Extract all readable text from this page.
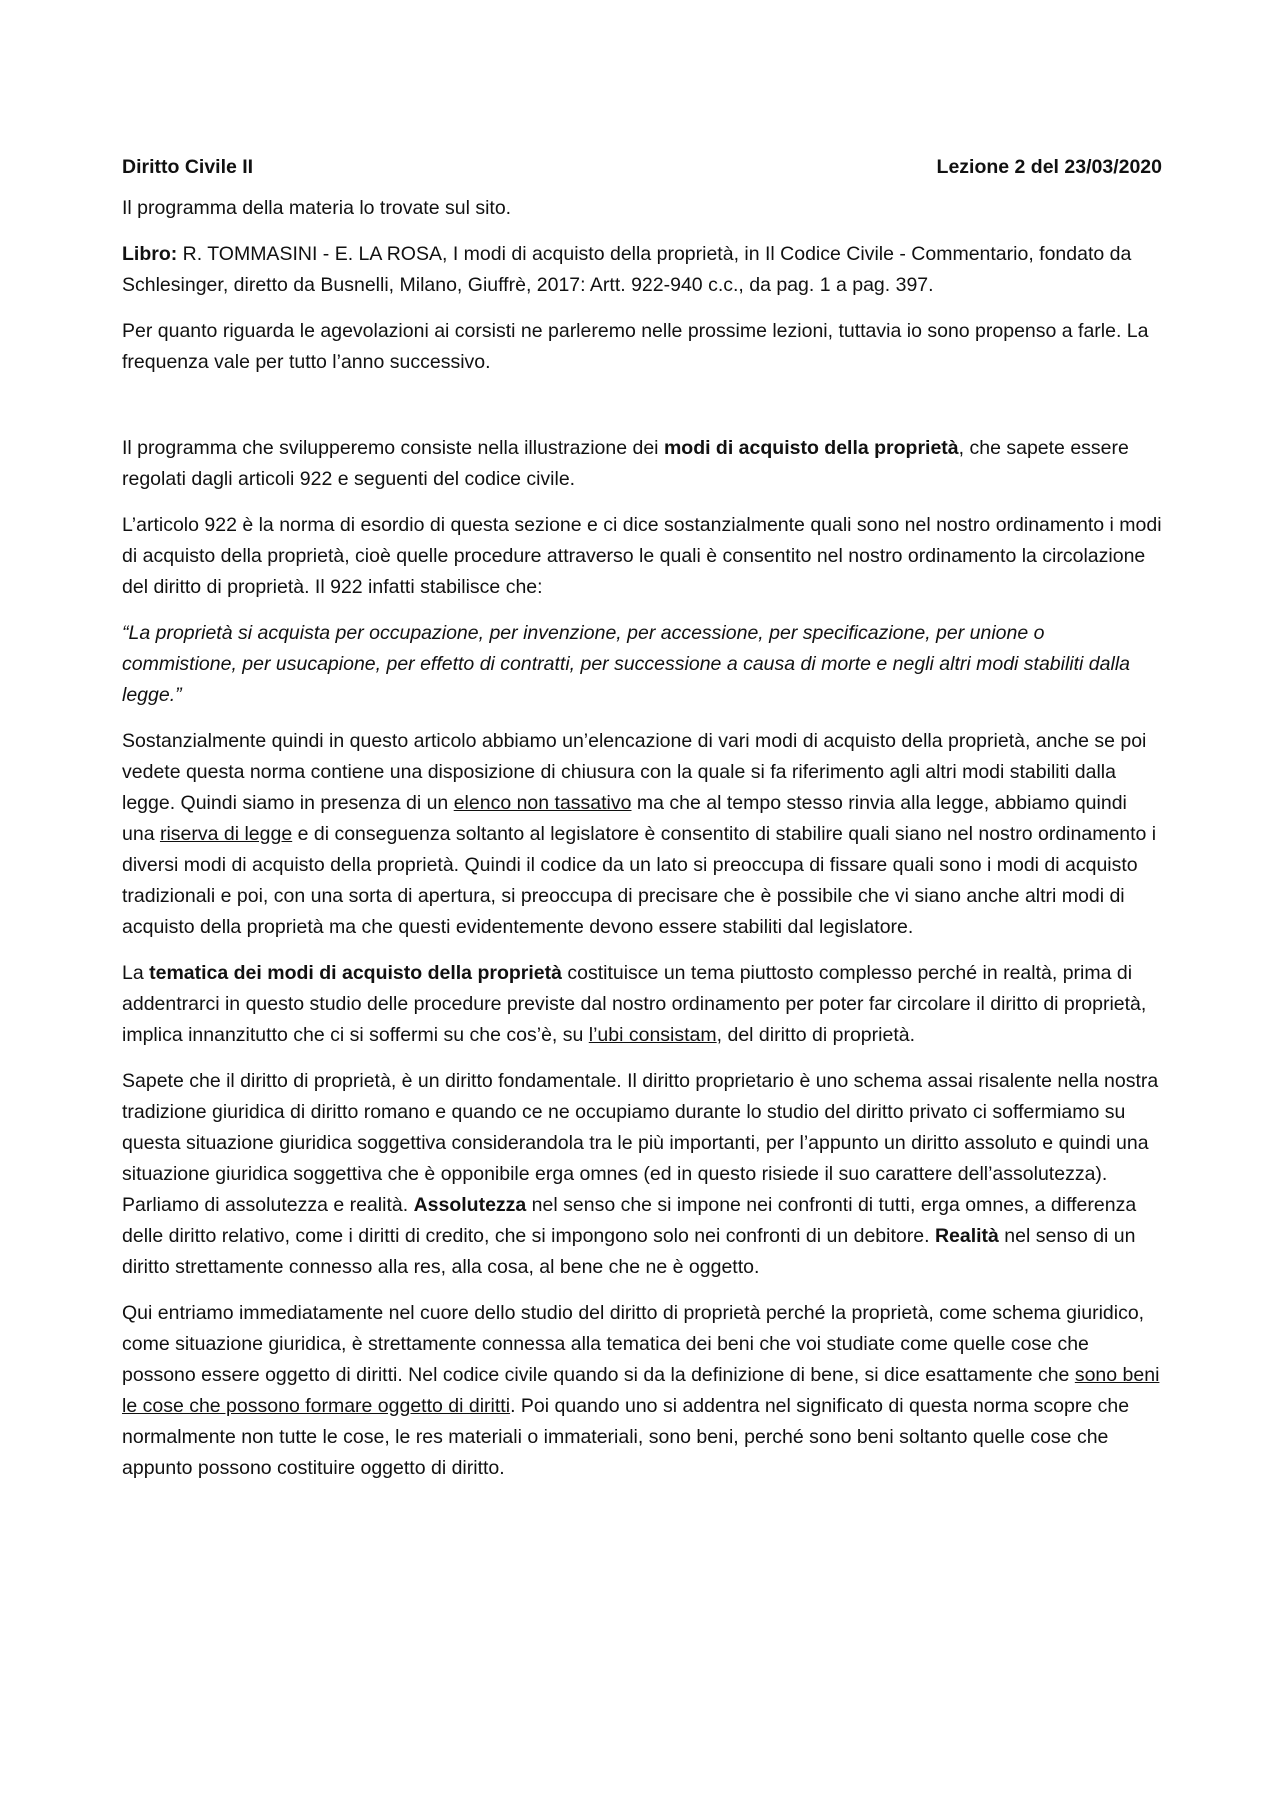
Diritto Civile II	Lezione 2 del 23/03/2020

Il programma della materia lo trovate sul sito.

Libro: R. TOMMASINI - E. LA ROSA, I modi di acquisto della proprietà, in Il Codice Civile - Commentario, fondato da Schlesinger, diretto da Busnelli, Milano, Giuffrè, 2017: Artt. 922-940 c.c., da pag. 1 a pag. 397.

Per quanto riguarda le agevolazioni ai corsisti ne parleremo nelle prossime lezioni, tuttavia io sono propenso a farle. La frequenza vale per tutto l’anno successivo.

Il programma che svilupperemo consiste nella illustrazione dei modi di acquisto della proprietà, che sapete essere regolati dagli articoli 922 e seguenti del codice civile.

L’articolo 922 è la norma di esordio di questa sezione e ci dice sostanzialmente quali sono nel nostro ordinamento i modi di acquisto della proprietà, cioè quelle procedure attraverso le quali è consentito nel nostro ordinamento la circolazione del diritto di proprietà. Il 922 infatti stabilisce che:

“La proprietà si acquista per occupazione, per invenzione, per accessione, per specificazione, per unione o commistione, per usucapione, per effetto di contratti, per successione a causa di morte e negli altri modi stabiliti dalla legge.”

Sostanzialmente quindi in questo articolo abbiamo un’elencazione di vari modi di acquisto della proprietà, anche se poi vedete questa norma contiene una disposizione di chiusura con la quale si fa riferimento agli altri modi stabiliti dalla legge. Quindi siamo in presenza di un elenco non tassativo ma che al tempo stesso rinvia alla legge, abbiamo quindi una riserva di legge e di conseguenza soltanto al legislatore è consentito di stabilire quali siano nel nostro ordinamento i diversi modi di acquisto della proprietà. Quindi il codice da un lato si preoccupa di fissare quali sono i modi di acquisto tradizionali e poi, con una sorta di apertura, si preoccupa di precisare che è possibile che vi siano anche altri modi di acquisto della proprietà ma che questi evidentemente devono essere stabiliti dal legislatore.

La tematica dei modi di acquisto della proprietà costituisce un tema piuttosto complesso perché in realtà, prima di addentrarci in questo studio delle procedure previste dal nostro ordinamento per poter far circolare il diritto di proprietà, implica innanzitutto che ci si soffermi su che cos’è, su l’ubi consistam, del diritto di proprietà.

Sapete che il diritto di proprietà, è un diritto fondamentale. Il diritto proprietario è uno schema assai risalente nella nostra tradizione giuridica di diritto romano e quando ce ne occupiamo durante lo studio del diritto privato ci soffermiamo su questa situazione giuridica soggettiva considerandola tra le più importanti, per l’appunto un diritto assoluto e quindi una situazione giuridica soggettiva che è opponibile erga omnes (ed in questo risiede il suo carattere dell’assolutezza). Parliamo di assolutezza e realità. Assolutezza nel senso che si impone nei confronti di tutti, erga omnes, a differenza delle diritto relativo, come i diritti di credito, che si impongono solo nei confronti di un debitore. Realità nel senso di un diritto strettamente connesso alla res, alla cosa, al bene che ne è oggetto.

Qui entriamo immediatamente nel cuore dello studio del diritto di proprietà perché la proprietà, come schema giuridico, come situazione giuridica, è strettamente connessa alla tematica dei beni che voi studiate come quelle cose che possono essere oggetto di diritti. Nel codice civile quando si da la definizione di bene, si dice esattamente che sono beni le cose che possono formare oggetto di diritti. Poi quando uno si addentra nel significato di questa norma scopre che normalmente non tutte le cose, le res materiali o immateriali, sono beni, perché sono beni soltanto quelle cose che appunto possono costituire oggetto di diritto.
